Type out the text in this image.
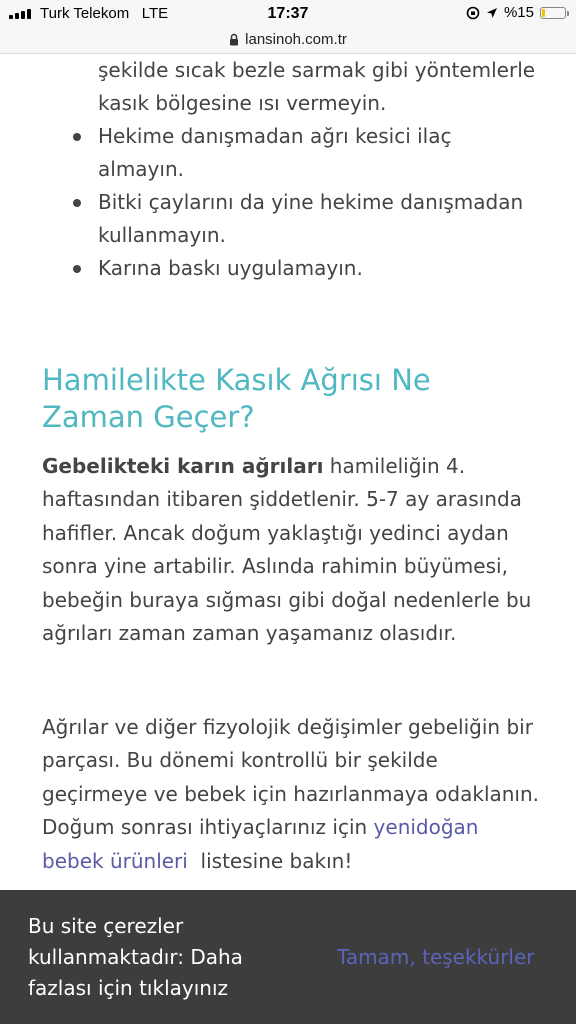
Turk Telekom LTE	17:37	%15
lansinoh.com.tr
şekilde sıcak bezle sarmak gibi yöntemlerle
kasık bölgesine ısı vermeyin.
Hekime danışmadan ağrı kesici ilaç
almayın.
Bitki çaylarını da yine hekime danışmadan
kullanmayın.
Karına baskı uygulamayın.
Hamilelikte Kasık Ağrısı Ne
Zaman Geçer?
Gebelikteki karın ağrıları hamileliğin 4.
haftasından itibaren şiddetlenir. 5-7 ay arasında
hafifler. Ancak doğum yaklaştığı yedinci aydan
sonra yine artabilir. Aslında rahimin büyümesi,
bebeğin buraya sığması gibi doğal nedenlerle bu
ağrıları zaman zaman yaşamanız olasıdır.
Ağrılar ve diğer fizyolojik değişimler gebeliğin bir
parçası. Bu dönemi kontrollü bir şekilde
geçirmeye ve bebek için hazırlanmaya odaklanın.
Doğum sonrası ihtiyaçlarınız için yenidoğan
bebek ürünleri  listesine bakın!
Bu site çerezler
kullanmaktadır: Daha
fazlası için tıklayınız
Tamam, teşekkürler
